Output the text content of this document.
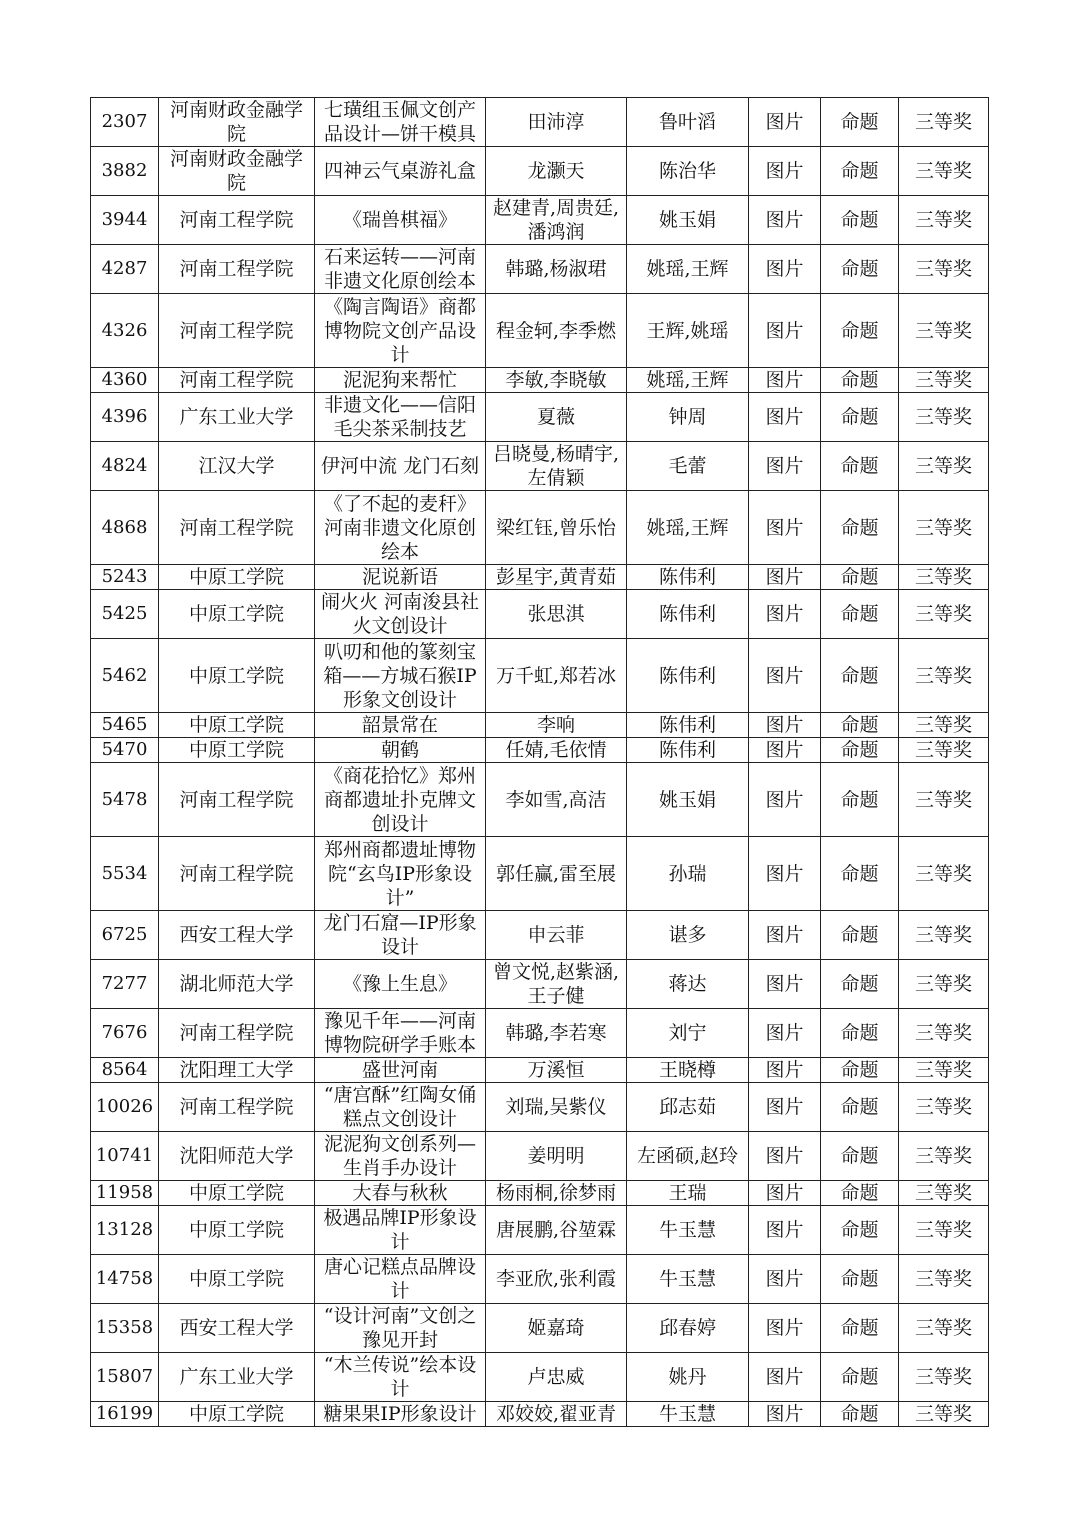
2307	河南财政金融学院	七璜组玉佩文创产品设计—饼干模具	田沛淳	鲁叶滔	图片	命题	三等奖
3882	河南财政金融学院	四神云气桌游礼盒	龙灏天	陈治华	图片	命题	三等奖
3944	河南工程学院	《瑞兽棋福》	赵建青,周贵廷,潘鸿润	姚玉娟	图片	命题	三等奖
4287	河南工程学院	石来运转——河南非遗文化原创绘本	韩璐,杨淑珺	姚瑶,王辉	图片	命题	三等奖
4326	河南工程学院	《陶言陶语》商都博物院文创产品设计	程金轲,李季燃	王辉,姚瑶	图片	命题	三等奖
4360	河南工程学院	泥泥狗来帮忙	李敏,李晓敏	姚瑶,王辉	图片	命题	三等奖
4396	广东工业大学	非遗文化——信阳毛尖茶采制技艺	夏薇	钟周	图片	命题	三等奖
4824	江汉大学	伊河中流 龙门石刻	吕晓曼,杨晴宇,左倩颖	毛蕾	图片	命题	三等奖
4868	河南工程学院	《了不起的麦秆》河南非遗文化原创绘本	梁红钰,曾乐怡	姚瑶,王辉	图片	命题	三等奖
5243	中原工学院	泥说新语	彭星宇,黄青茹	陈伟利	图片	命题	三等奖
5425	中原工学院	闹火火 河南浚县社火文创设计	张思淇	陈伟利	图片	命题	三等奖
5462	中原工学院	叭叨和他的篆刻宝箱——方城石猴IP形象文创设计	万千虹,郑若冰	陈伟利	图片	命题	三等奖
5465	中原工学院	韶景常在	李响	陈伟利	图片	命题	三等奖
5470	中原工学院	朝鹤	任婧,毛依情	陈伟利	图片	命题	三等奖
5478	河南工程学院	《商花拾忆》郑州商都遗址扑克牌文创设计	李如雪,高洁	姚玉娟	图片	命题	三等奖
5534	河南工程学院	郑州商都遗址博物院“玄鸟IP形象设计”	郭任赢,雷至展	孙瑞	图片	命题	三等奖
6725	西安工程大学	龙门石窟—IP形象设计	申云菲	谌多	图片	命题	三等奖
7277	湖北师范大学	《豫上生息》	曾文悦,赵紫涵,王子健	蒋达	图片	命题	三等奖
7676	河南工程学院	豫见千年——河南博物院研学手账本	韩璐,李若寒	刘宁	图片	命题	三等奖
8564	沈阳理工大学	盛世河南	万溪恒	王晓樽	图片	命题	三等奖
10026	河南工程学院	“唐宫酥”红陶女俑糕点文创设计	刘瑞,吴紫仪	邱志茹	图片	命题	三等奖
10741	沈阳师范大学	泥泥狗文创系列—生肖手办设计	姜明明	左函硕,赵玲	图片	命题	三等奖
11958	中原工学院	大春与秋秋	杨雨桐,徐梦雨	王瑞	图片	命题	三等奖
13128	中原工学院	极遇品牌IP形象设计	唐展鹏,谷堃霖	牛玉慧	图片	命题	三等奖
14758	中原工学院	唐心记糕点品牌设计	李亚欣,张利霞	牛玉慧	图片	命题	三等奖
15358	西安工程大学	“设计河南”文创之豫见开封	姬嘉琦	邱春婷	图片	命题	三等奖
15807	广东工业大学	“木兰传说”绘本设计	卢忠威	姚丹	图片	命题	三等奖
16199	中原工学院	糖果果IP形象设计	邓姣姣,翟亚青	牛玉慧	图片	命题	三等奖
